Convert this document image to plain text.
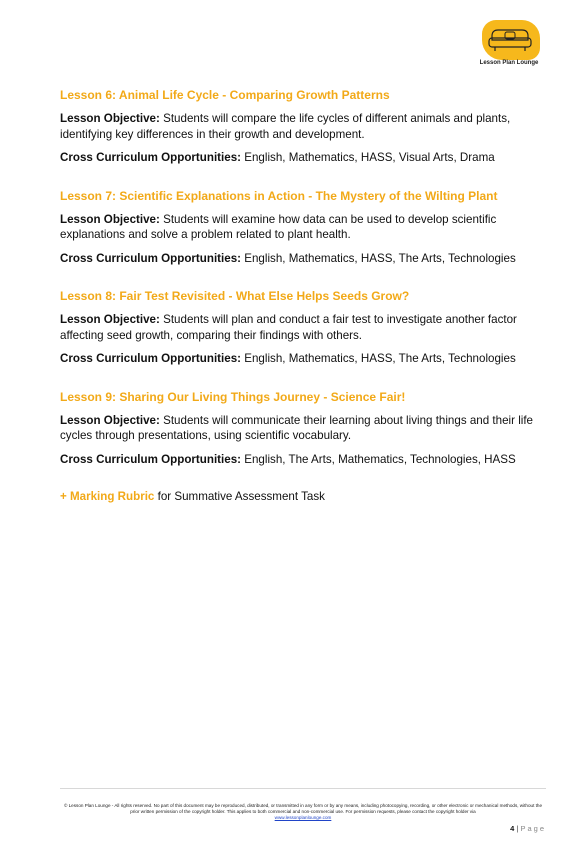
Lesson Plan Lounge
Lesson 6: Animal Life Cycle - Comparing Growth Patterns
Lesson Objective: Students will compare the life cycles of different animals and plants, identifying key differences in their growth and development.
Cross Curriculum Opportunities: English, Mathematics, HASS, Visual Arts, Drama
Lesson 7: Scientific Explanations in Action - The Mystery of the Wilting Plant
Lesson Objective: Students will examine how data can be used to develop scientific explanations and solve a problem related to plant health.
Cross Curriculum Opportunities: English, Mathematics, HASS, The Arts, Technologies
Lesson 8: Fair Test Revisited - What Else Helps Seeds Grow?
Lesson Objective: Students will plan and conduct a fair test to investigate another factor affecting seed growth, comparing their findings with others.
Cross Curriculum Opportunities: English, Mathematics, HASS, The Arts, Technologies
Lesson 9: Sharing Our Living Things Journey - Science Fair!
Lesson Objective: Students will communicate their learning about living things and their life cycles through presentations, using scientific vocabulary.
Cross Curriculum Opportunities: English, The Arts, Mathematics, Technologies, HASS
+ Marking Rubric for Summative Assessment Task
© Lesson Plan Lounge - All rights reserved. No part of this document may be reproduced, distributed, or transmitted in any form or by any means, including photocopying, recording, or other electronic or mechanical methods, without the prior written permission of the copyright holder. This applies to both commercial and non-commercial use. For permission requests, please contact the copyright holder via
www.lessonplanlounge.com
4 | Page
